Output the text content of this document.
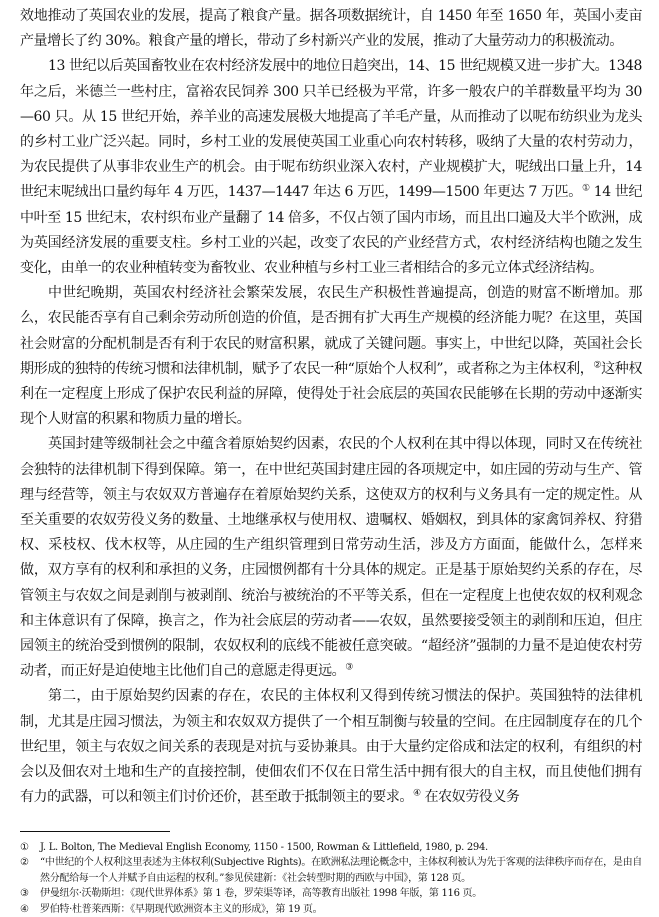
效地推动了英国农业的发展，提高了粮食产量。据各项数据统计，自 1450 年至 1650 年，英国小麦亩产量增长了约 30%。粮食产量的增长，带动了乡村新兴产业的发展，推动了大量劳动力的积极流动。

13 世纪以后英国畜牧业在农村经济发展中的地位日趋突出，14、15 世纪规模又进一步扩大。1348 年之后，米德兰一些村庄，富裕农民饲养 300 只羊已经极为平常，许多一般农户的羊群数量平均为 30—60 只。从 15 世纪开始，养羊业的高速发展极大地提高了羊毛产量，从而推动了以呢布纺织业为龙头的乡村工业广泛兴起。同时，乡村工业的发展使英国工业重心向农村转移，吸纳了大量的农村劳动力，为农民提供了从事非农业生产的机会。由于呢布纺织业深入农村，产业规模扩大，呢绒出口量上升，14 世纪末呢绒出口量约每年 4 万匹，1437—1447 年达 6 万匹，1499—1500 年更达 7 万匹。① 14 世纪中叶至 15 世纪末，农村织布业产量翻了 14 倍多，不仅占领了国内市场，而且出口遍及大半个欧洲，成为英国经济发展的重要支柱。乡村工业的兴起，改变了农民的产业经营方式，农村经济结构也随之发生变化，由单一的农业种植转变为畜牧业、农业种植与乡村工业三者相结合的多元立体式经济结构。

中世纪晚期，英国农村经济社会繁荣发展，农民生产积极性普遍提高，创造的财富不断增加。那么，农民能否享有自己剩余劳动所创造的价值，是否拥有扩大再生产规模的经济能力呢？在这里，英国社会财富的分配机制是否有利于农民的财富积累，就成了关键问题。事实上，中世纪以降，英国社会长期形成的独特的传统习惯和法律机制，赋予了农民一种“原始个人权利”，或者称之为主体权利，②这种权利在一定程度上形成了保护农民利益的屏障，使得处于社会底层的英国农民能够在长期的劳动中逐渐实现个人财富的积累和物质力量的增长。

英国封建等级制社会之中蕴含着原始契约因素，农民的个人权利在其中得以体现，同时又在传统社会独特的法律机制下得到保障。第一，在中世纪英国封建庄园的各项规定中，如庄园的劳动与生产、管理与经营等，领主与农奴双方普遍存在着原始契约关系，这使双方的权利与义务具有一定的规定性。从至关重要的农奴劳役义务的数量、土地继承权与使用权、遗嘱权、婚姻权，到具体的家禽饲养权、狩猎权、采枝权、伐木权等，从庄园的生产组织管理到日常劳动生活，涉及方方面面，能做什么，怎样来做，双方享有的权利和承担的义务，庄园惯例都有十分具体的规定。正是基于原始契约关系的存在，尽管领主与农奴之间是剥削与被剥削、统治与被统治的不平等关系，但在一定程度上也使农奴的权利观念和主体意识有了保障，换言之，作为社会底层的劳动者——农奴，虽然要接受领主的剥削和压迫，但庄园领主的统治受到惯例的限制，农奴权利的底线不能被任意突破。“超经济”强制的力量不是迫使农村劳动者，而正好是迫使地主比他们自己的意愿走得更远。③

第二，由于原始契约因素的存在，农民的主体权利又得到传统习惯法的保护。英国独特的法律机制，尤其是庄园习惯法，为领主和农奴双方提供了一个相互制衡与较量的空间。在庄园制度存在的几个世纪里，领主与农奴之间关系的表现是对抗与妥协兼具。由于大量约定俗成和法定的权利，有组织的村会以及佃农对土地和生产的直接控制，使佃农们不仅在日常生活中拥有很大的自主权，而且使他们拥有有力的武器，可以和领主们讨价还价，甚至敢于抵制领主的要求。④ 在农奴劳役义务

①	J. L. Bolton, The Medieval English Economy, 1150 - 1500, Rowman & Littlefield, 1980, p. 294.
②	“中世纪的个人权利这里表述为主体权利(Subjective Rights)。在欧洲私法理论概念中，主体权利被认为先于客观的法律秩序而存在，是由自然分配给每一个人并赋予自由运程的权利。”参见侯建新：《社会转型时期的西欧与中国》，第 128 页。
③	伊曼纽尔·沃勒斯坦：《现代世界体系》第 1 卷，罗荣渠等译，高等教育出版社 1998 年版，第 116 页。
④	罗伯特·杜普莱西斯：《早期现代欧洲资本主义的形成》，第 19 页。
